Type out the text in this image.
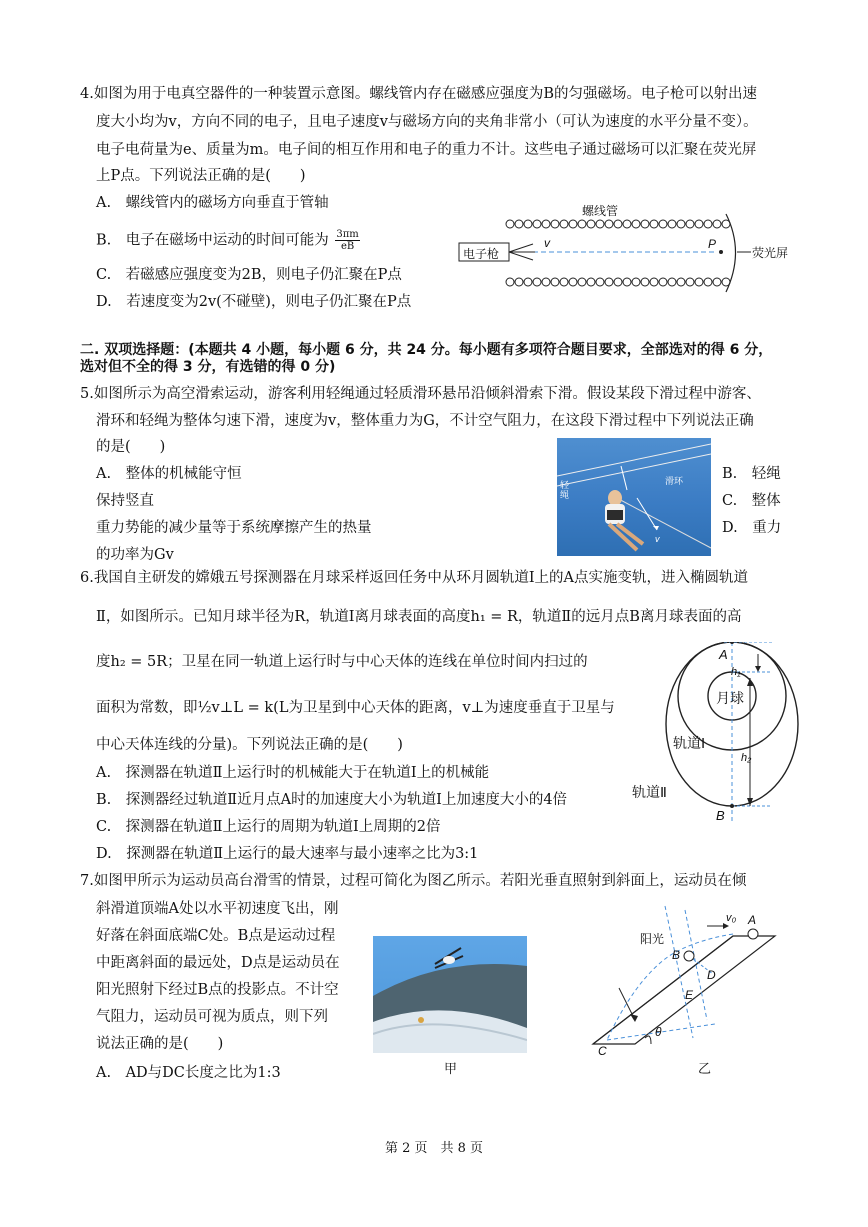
4.如图为用于电真空器件的一种装置示意图。螺线管内存在磁感应强度为B的匀强磁场。电子枪可以射出速
度大小均为v，方向不同的电子，且电子速度v与磁场方向的夹角非常小（可认为速度的水平分量不变）。
电子电荷量为e、质量为m。电子间的相互作用和电子的重力不计。这些电子通过磁场可以汇聚在荧光屏
上P点。下列说法正确的是(　　)
A.　螺线管内的磁场方向垂直于管轴
B.　电子在磁场中运动的时间可能为 $\frac{3\pi m}{eB}$
C.　若磁感应强度变为2B，则电子仍汇聚在P点
D.　若速度变为2v(不碰壁)，则电子仍汇聚在P点
螺线管
电子枪
v	P
荧光屏
二. 双项选择题：(本题共 4 小题，每小题 6 分，共 24 分。每小题有多项符合题目要求，全部选对的得 6 分，
选对但不全的得 3 分，有选错的得 0 分)
5.如图所示为高空滑索运动，游客利用轻绳通过轻质滑环悬吊沿倾斜滑索下滑。假设某段下滑过程中游客、
滑环和轻绳为整体匀速下滑，速度为v，整体重力为G，不计空气阻力，在这段下滑过程中下列说法正确
的是(　　)
A.　整体的机械能守恒
保持竖直
重力势能的减少量等于系统摩擦产生的热量
的功率为Gv
B.　轻绳
C.　整体
D.　重力
滑环
轻绳
v
6.我国自主研发的嫦娥五号探测器在月球采样返回任务中从环月圆轨道Ⅰ上的A点实施变轨，进入椭圆轨道
Ⅱ，如图所示。已知月球半径为R，轨道Ⅰ离月球表面的高度h₁ = R，轨道Ⅱ的远月点B离月球表面的高
度h₂ = 5R；卫星在同一轨道上运行时与中心天体的连线在单位时间内扫过的
面积为常数，即½v⊥L = k(L为卫星到中心天体的距离，v⊥为速度垂直于卫星与
中心天体连线的分量)。下列说法正确的是(　　)
A.　探测器在轨道Ⅱ上运行时的机械能大于在轨道Ⅰ上的机械能
B.　探测器经过轨道Ⅱ近月点A时的加速度大小为轨道Ⅰ上加速度大小的4倍
C.　探测器在轨道Ⅱ上运行的周期为轨道Ⅰ上周期的2倍
D.　探测器在轨道Ⅱ上运行的最大速率与最小速率之比为3:1
A
h₁
月球
轨道Ⅰ
h₂
轨道Ⅱ
B
7.如图甲所示为运动员高台滑雪的情景，过程可简化为图乙所示。若阳光垂直照射到斜面上，运动员在倾
斜滑道顶端A处以水平初速度飞出，刚
好落在斜面底端C处。B点是运动过程
中距离斜面的最远处，D点是运动员在
阳光照射下经过B点的投影点。不计空
气阻力，运动员可视为质点，则下列
说法正确的是(　　)
A.　AD与DC长度之比为1:3	甲
阳光
v₀ A
B
D
E
θ
C
乙
第 2 页　共 8 页
